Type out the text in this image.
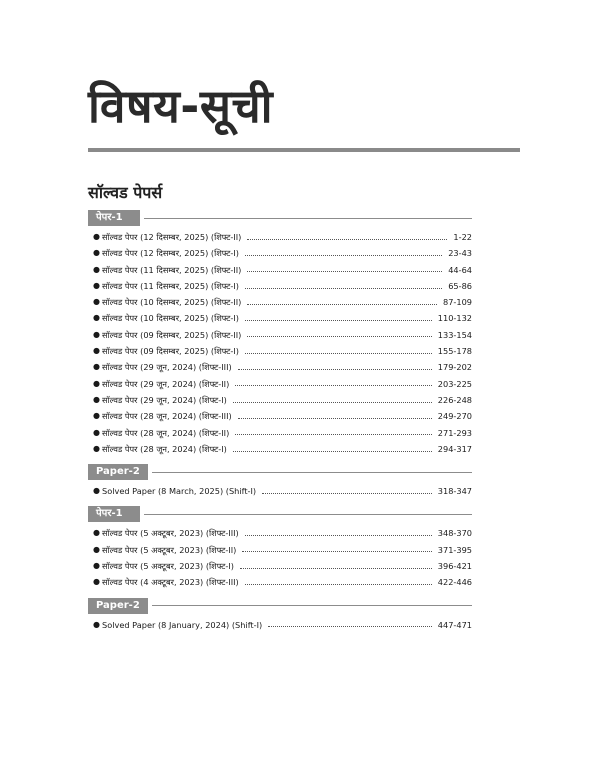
विषय-सूची
सॉल्वड पेपर्स
पेपर-1
● सॉल्वड पेपर (12 दिसम्बर, 2025) (शिफ्ट-II)	1-22
● सॉल्वड पेपर (12 दिसम्बर, 2025) (शिफ्ट-I)	23-43
● सॉल्वड पेपर (11 दिसम्बर, 2025) (शिफ्ट-II)	44-64
● सॉल्वड पेपर (11 दिसम्बर, 2025) (शिफ्ट-I)	65-86
● सॉल्वड पेपर (10 दिसम्बर, 2025) (शिफ्ट-II)	87-109
● सॉल्वड पेपर (10 दिसम्बर, 2025) (शिफ्ट-I)	110-132
● सॉल्वड पेपर (09 दिसम्बर, 2025) (शिफ्ट-II)	133-154
● सॉल्वड पेपर (09 दिसम्बर, 2025) (शिफ्ट-I)	155-178
● सॉल्वड पेपर (29 जून, 2024) (शिफ्ट-III)	179-202
● सॉल्वड पेपर (29 जून, 2024) (शिफ्ट-II)	203-225
● सॉल्वड पेपर (29 जून, 2024) (शिफ्ट-I)	226-248
● सॉल्वड पेपर (28 जून, 2024) (शिफ्ट-III)	249-270
● सॉल्वड पेपर (28 जून, 2024) (शिफ्ट-II)	271-293
● सॉल्वड पेपर (28 जून, 2024) (शिफ्ट-I)	294-317
Paper-2
● Solved Paper (8 March, 2025) (Shift-I)	318-347
पेपर-1
● सॉल्वड पेपर (5 अक्टूबर, 2023) (शिफ्ट-III)	348-370
● सॉल्वड पेपर (5 अक्टूबर, 2023) (शिफ्ट-II)	371-395
● सॉल्वड पेपर (5 अक्टूबर, 2023) (शिफ्ट-I)	396-421
● सॉल्वड पेपर (4 अक्टूबर, 2023) (शिफ्ट-III)	422-446
Paper-2
● Solved Paper (8 January, 2024) (Shift-I)	447-471
